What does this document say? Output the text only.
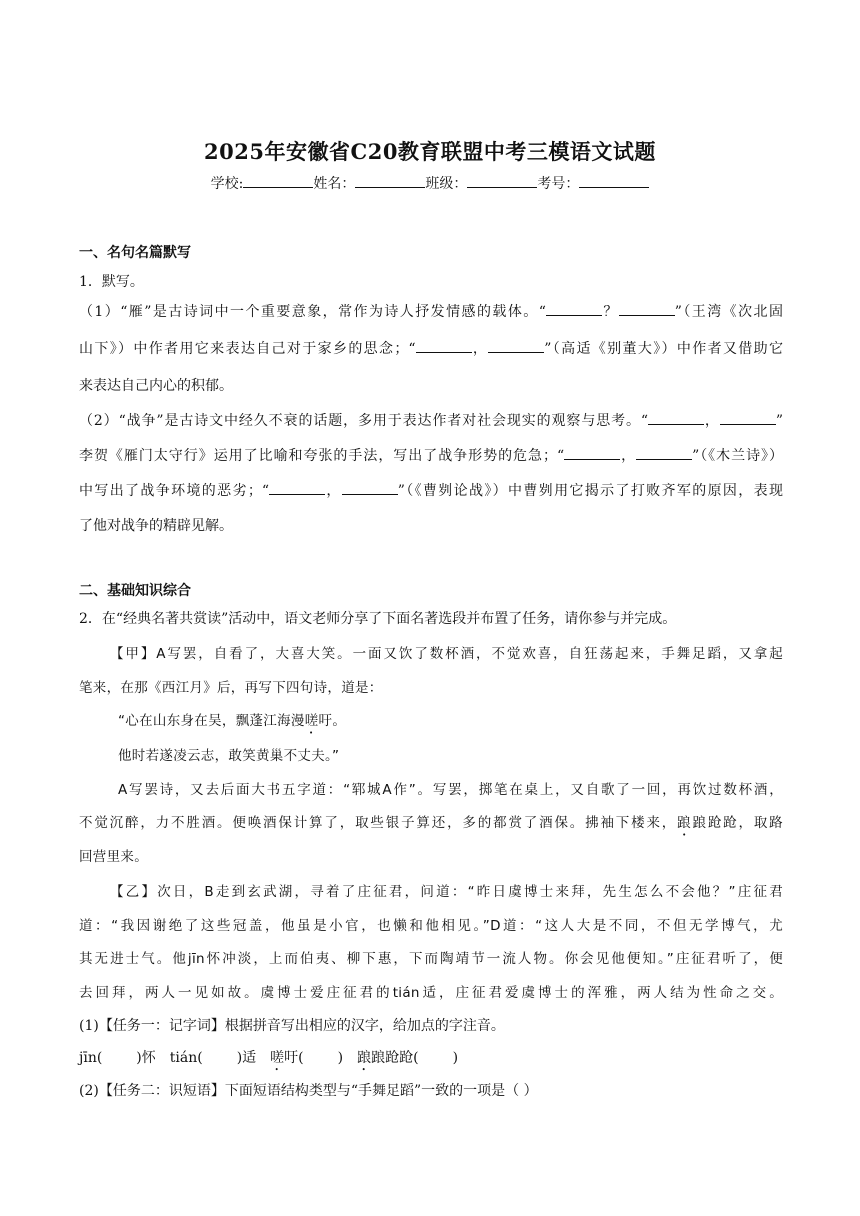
2025年安徽省C20教育联盟中考三模语文试题
学校:	姓名：	班级：	考号：
一、名句名篇默写
1．默写。
（1）“雁”是古诗词中一个重要意象，常作为诗人抒发情感的载体。“	？	”（王湾《次北固
山下》）中作者用它来表达自己对于家乡的思念；“	，	”（高适《别董大》）中作者又借助它
来表达自己内心的积郁。
（2）“战争”是古诗文中经久不衰的话题，多用于表达作者对社会现实的观察与思考。“	，	”
李贺《雁门太守行》运用了比喻和夸张的手法，写出了战争形势的危急；“	，	”（《木兰诗》）
中写出了战争环境的恶劣；“	，	”（《曹刿论战》）中曹刿用它揭示了打败齐军的原因，表现
了他对战争的精辟见解。
二、基础知识综合
2．在“经典名著共赏读”活动中，语文老师分享了下面名著选段并布置了任务，请你参与并完成。
【甲】A写罢，自看了，大喜大笑。一面又饮了数杯酒，不觉欢喜，自狂荡起来，手舞足蹈，又拿起
笔来，在那《西江月》后，再写下四句诗，道是：
“心在山东身在吴，飘蓬江海漫嗟吁。
他时若遂凌云志，敢笑黄巢不丈夫。”
A写罢诗，又去后面大书五字道：“郓城A作”。写罢，掷笔在桌上，又自歌了一回，再饮过数杯酒，
不觉沉醉，力不胜酒。便唤酒保计算了，取些银子算还，多的都赏了酒保。拂袖下楼来，踉踉跄跄，取路
回营里来。
【乙】次日，B走到玄武湖，寻着了庄征君，问道：“昨日虞博士来拜，先生怎么不会他？”庄征君
道：“我因谢绝了这些冠盖，他虽是小官，也懒和他相见。”D道：“这人大是不同，不但无学博气，尤
其无进士气。他jīn怀冲淡，上而伯夷、柳下惠，下而陶靖节一流人物。你会见他便知。”庄征君听了，便
去回拜，两人一见如故。虞博士爱庄征君的tián适，庄征君爱虞博士的浑雅，两人结为性命之交。
(1)【任务一：记字词】根据拼音写出相应的汉字，给加点的字注音。
jīn( )怀 tián( )适 嗟吁( ) 踉踉跄跄( )
(2)【任务二：识短语】下面短语结构类型与“手舞足蹈”一致的一项是（ ）
